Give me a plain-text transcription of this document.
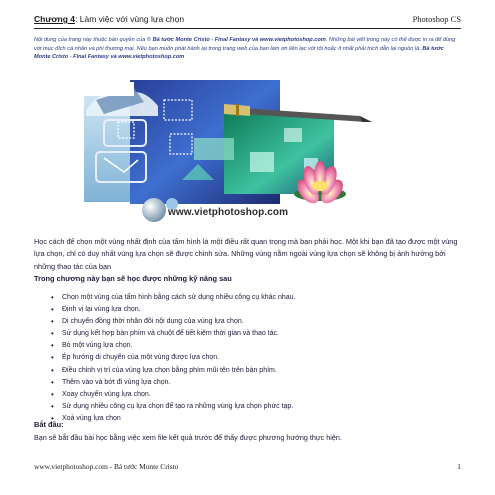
Chương 4: Làm việc với vùng lựa chọn	Photoshop CS
Nội dung của trang này thuộc bản quyền của © Bá tước Monte Cristo - Final Fantasy và www.vietphotoshop.com. Những bài viết trong này có thể được in ra để dùng với mục đích cá nhân và phi thương mại. Nếu bạn muốn phát hành lại trong trang web của bạn làm ơn liên lạc với tôi hoặc ít nhất phải trích dẫn lại nguồn là: Bá tước Monte Cristo - Final Fantasy và www.vietphotoshop.com
www.vietphotoshop.com
Học cách để chọn một vùng nhất định của tấm hình là một điều rất quan trọng mà bạn phải học. Một khi bạn đã tạo được một vùng lựa chọn, chỉ có duy nhất vùng lựa chọn sẽ được chỉnh sửa. Những vùng nằm ngoài vùng lựa chọn sẽ không bị ảnh hưởng bởi những thao tác của bạn
Trong chương này bạn sẽ học được những kỹ năng sau
• Chọn một vùng của tấm hình bằng cách sử dụng nhiều công cụ khác nhau.
• Định vị lại vùng lựa chọn.
• Di chuyển đồng thời nhân đôi nội dung của vùng lựa chọn.
• Sử dụng kết hợp bàn phím và chuột để tiết kiệm thời gian và thao tác.
• Bỏ một vùng lựa chọn.
• Ép hướng di chuyển của một vùng được lựa chọn.
• Điều chỉnh vị trí của vùng lựa chọn bằng phím mũi tên trên bàn phím.
• Thêm vào và bớt đi vùng lựa chọn.
• Xoay chuyển vùng lựa chọn.
• Sử dụng nhiều công cụ lựa chọn để tạo ra những vùng lựa chọn phức tạp.
• Xoá vùng lựa chọn
Bắt đầu:
Bạn sẽ bắt đầu bài học bằng việc xem file kết quả trước để thấy được phương hướng thực hiện.
www.vietphotoshop.com - Bá tước Monte Cristo	1
